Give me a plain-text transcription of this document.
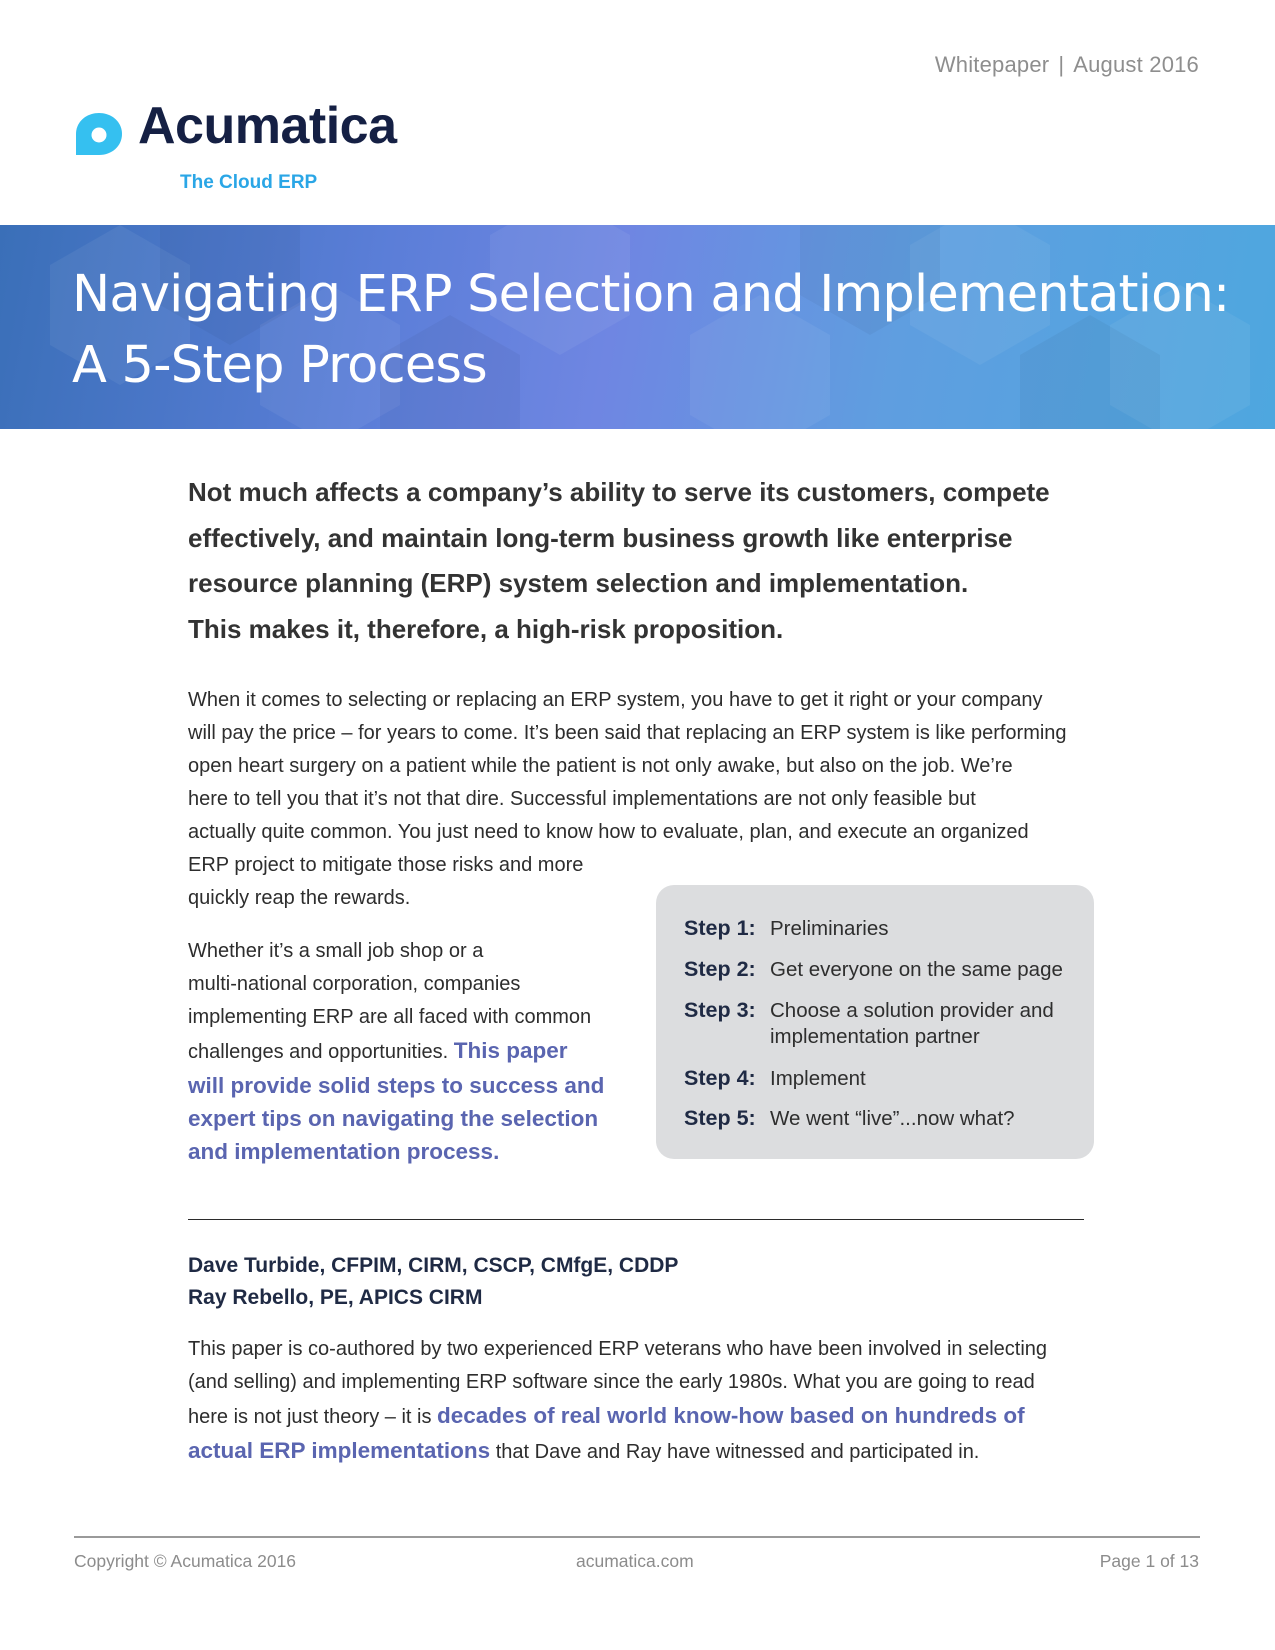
Whitepaper | August 2016
Acumatica
The Cloud ERP
Navigating ERP Selection and Implementation:
A 5-Step Process

Not much affects a company’s ability to serve its customers, compete
effectively, and maintain long-term business growth like enterprise
resource planning (ERP) system selection and implementation.
This makes it, therefore, a high-risk proposition.

When it comes to selecting or replacing an ERP system, you have to get it right or your company
will pay the price – for years to come. It’s been said that replacing an ERP system is like performing
open heart surgery on a patient while the patient is not only awake, but also on the job. We’re
here to tell you that it’s not that dire. Successful implementations are not only feasible but
actually quite common. You just need to know how to evaluate, plan, and execute an organized
ERP project to mitigate those risks and more
quickly reap the rewards.

Whether it’s a small job shop or a
multi-national corporation, companies
implementing ERP are all faced with common
challenges and opportunities. This paper
will provide solid steps to success and
expert tips on navigating the selection
and implementation process.

Step 1: Preliminaries
Step 2: Get everyone on the same page
Step 3: Choose a solution provider and
implementation partner
Step 4: Implement
Step 5: We went “live”...now what?
Dave Turbide, CFPIM, CIRM, CSCP, CMfgE, CDDP
Ray Rebello, PE, APICS CIRM

This paper is co-authored by two experienced ERP veterans who have been involved in selecting
(and selling) and implementing ERP software since the early 1980s. What you are going to read
here is not just theory – it is decades of real world know-how based on hundreds of
actual ERP implementations that Dave and Ray have witnessed and participated in.

Copyright © Acumatica 2016	acumatica.com	Page 1 of 13
